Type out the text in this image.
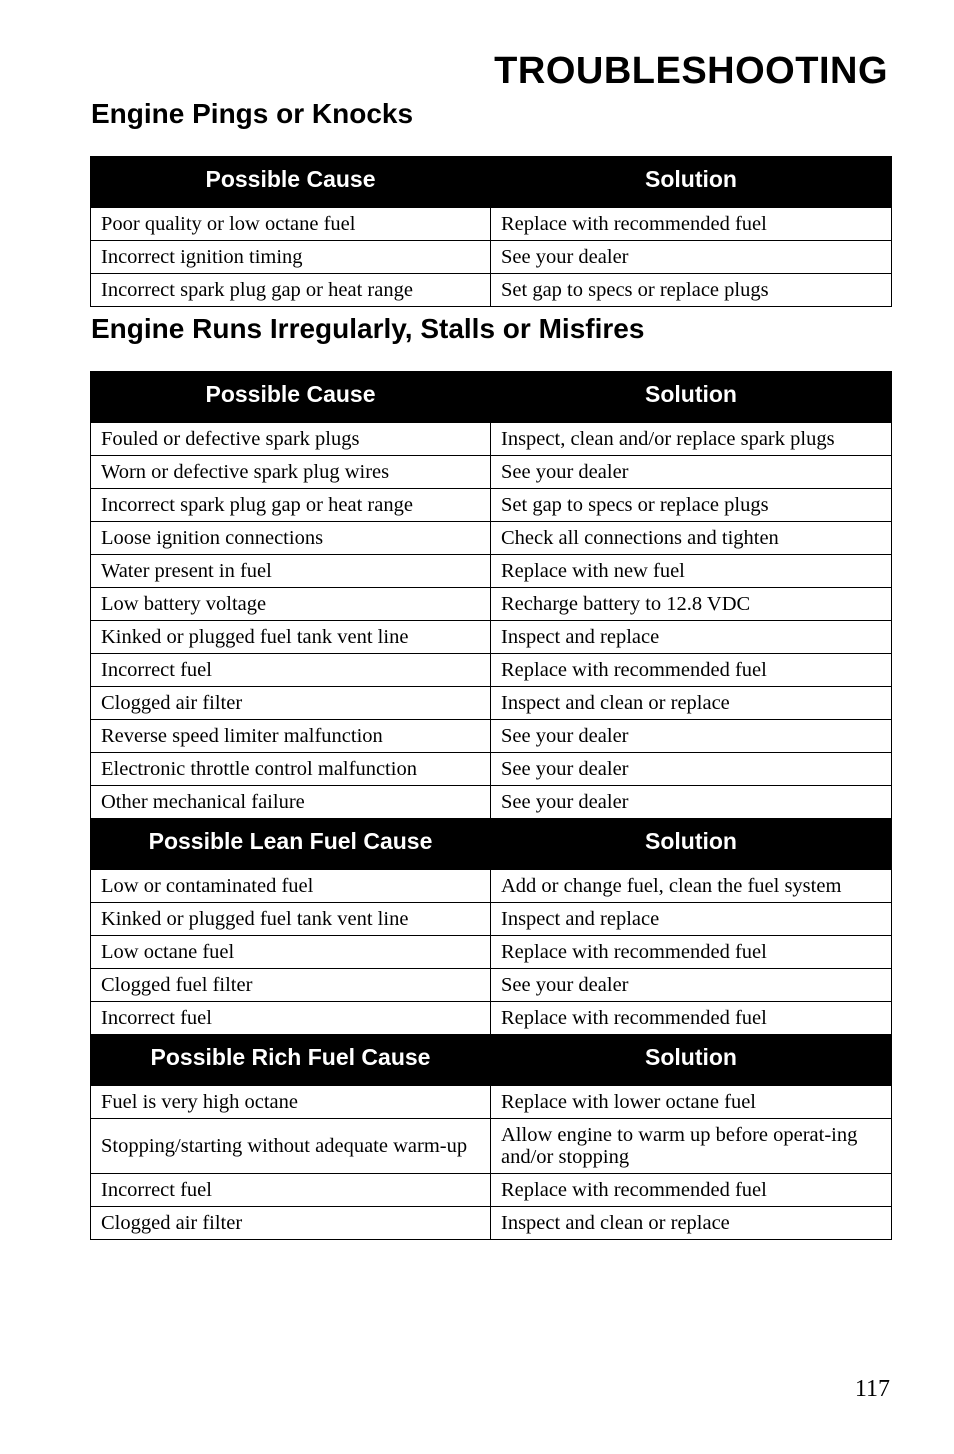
TROUBLESHOOTING
Engine Pings or Knocks
Possible Cause	Solution
Poor quality or low octane fuel	Replace with recommended fuel
Incorrect ignition timing	See your dealer
Incorrect spark plug gap or heat range	Set gap to specs or replace plugs
Engine Runs Irregularly, Stalls or Misfires
Possible Cause	Solution
Fouled or defective spark plugs	Inspect, clean and/or replace spark plugs
Worn or defective spark plug wires	See your dealer
Incorrect spark plug gap or heat range	Set gap to specs or replace plugs
Loose ignition connections	Check all connections and tighten
Water present in fuel	Replace with new fuel
Low battery voltage	Recharge battery to 12.8 VDC
Kinked or plugged fuel tank vent line	Inspect and replace
Incorrect fuel	Replace with recommended fuel
Clogged air filter	Inspect and clean or replace
Reverse speed limiter malfunction	See your dealer
Electronic throttle control malfunction	See your dealer
Other mechanical failure	See your dealer
Possible Lean Fuel Cause	Solution
Low or contaminated fuel	Add or change fuel, clean the fuel system
Kinked or plugged fuel tank vent line	Inspect and replace
Low octane fuel	Replace with recommended fuel
Clogged fuel filter	See your dealer
Incorrect fuel	Replace with recommended fuel
Possible Rich Fuel Cause	Solution
Fuel is very high octane	Replace with lower octane fuel
Stopping/starting without adequate warm-up	Allow engine to warm up before operat-ing and/or stopping
Incorrect fuel	Replace with recommended fuel
Clogged air filter	Inspect and clean or replace
117
